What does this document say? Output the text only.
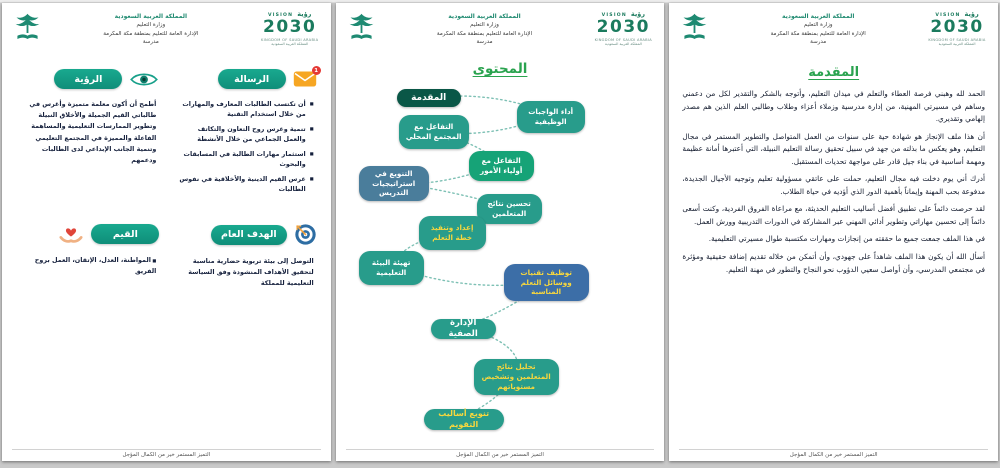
المملكة العربية السعودية
وزارة التعليم
الإدارة العامة للتعليم بمنطقة مكة المكرمة
مدرسة
رؤية
VISION
2030
KINGDOM OF SAUDI ARABIA المملكة العربية السعودية
1
الرسالة
■ أن تكتسب الطالبات المعارف والمهارات من خلال استخدام التقنية
■ تنمية وغرس روح التعاون والتكاتف والعمل الجماعي من خلال الأنشطة
■ استثمار مهارات الطالبة في المسابقات والبحوث
■ غرس القيم الدينية والأخلاقية في نفوس الطالبات
الرؤية

أطمح أن أكون معلمة متميزة وأغرس في طالباتي القيم الجميلة والأخلاق النبيلة وتطوير الممارسات التعليمية والمساهمة الفاعلة والمميزة في المجتمع التعليمي وتنمية الجانب الإبداعي لدى الطالبات ودعمهم

الهدف العام

التوصل إلى بيئة تربوية حضارية مناسبة لتحقيق الأهداف المنشودة وفق السياسة التعليمية للمملكة

القيم

■ المواطنة، العدل، الإتقان، العمل بروح الفريق

التميز المستمر خير من الكمال المؤجل
المملكة العربية السعودية
وزارة التعليم
الإدارة العامة للتعليم بمنطقة مكة المكرمة
مدرسة
رؤية
VISION
2030
KINGDOM OF SAUDI ARABIA المملكة العربية السعودية
المحتوى
المقدمة
أداء الواجبات الوظيفية
التفاعل مع المجتمع المحلي
التفاعل مع أولياء الأمور
التنويع في استراتيجيات التدريس
تحسين نتائج المتعلمين
إعداد وتنفيذ خطة التعلم
تهيئة البيئة التعليمية	توظيف تقنيات ووسائل التعلم المناسبة
الإدارة الصفية
تحليل نتائج المتعلمين وتشخيص مستوياتهم
تنويع أساليب التقويم
التميز المستمر خير من الكمال المؤجل
المملكة العربية السعودية
وزارة التعليم
الإدارة العامة للتعليم بمنطقة مكة المكرمة
مدرسة
رؤية
VISION
2030
KINGDOM OF SAUDI ARABIA المملكة العربية السعودية
المقدمة

الحمد لله وهبني فرصة العطاء والتعلم في ميدان التعليم، وأتوجه بالشكر والتقدير لكل من دعمني وساهم في مسيرتي المهنية، من إدارة مدرسية وزملاء أعزاء وطلاب وطالبي العلم الذين هم مصدر إلهامي وتقديري.

أن هذا ملف الإنجاز هو شهادة حية على سنوات من العمل المتواصل والتطوير المستمر في مجال التعليم، وهو يعكس ما بذلته من جهد في سبيل تحقيق رسالة التعليم النبيلة، التي أعتبرها أمانة عظيمة ومهمة أساسية في بناء جيل قادر على مواجهة تحديات المستقبل.

أدرك أني يوم دخلت فيه مجال التعليم، حملت على عاتقي مسؤولية تعليم وتوجيه الأجيال الجديدة، مدفوعة بحب المهنة وإيماناً بأهمية الدور الذي أؤديه في حياة الطلاب.

لقد حرصت دائماً على تطبيق أفضل أساليب التعليم الحديثة، مع مراعاة الفروق الفردية، وكنت أسعى دائماً إلى تحسين مهاراتي وتطوير أدائي المهني عبر المشاركة في الدورات التدريبية وورش العمل.

في هذا الملف جمعت جميع ما حققته من إنجازات ومهارات مكتسبة طوال مسيرتي التعليمية.

أسأل الله أن يكون هذا الملف شاهداً على جهودي، وأن أتمكن من خلاله تقديم إضافة حقيقية ومؤثرة في مجتمعي المدرسي، وأن أواصل سعيي الدؤوب نحو النجاح والتطور في مهنة التعليم.

التميز المستمر خير من الكمال المؤجل
